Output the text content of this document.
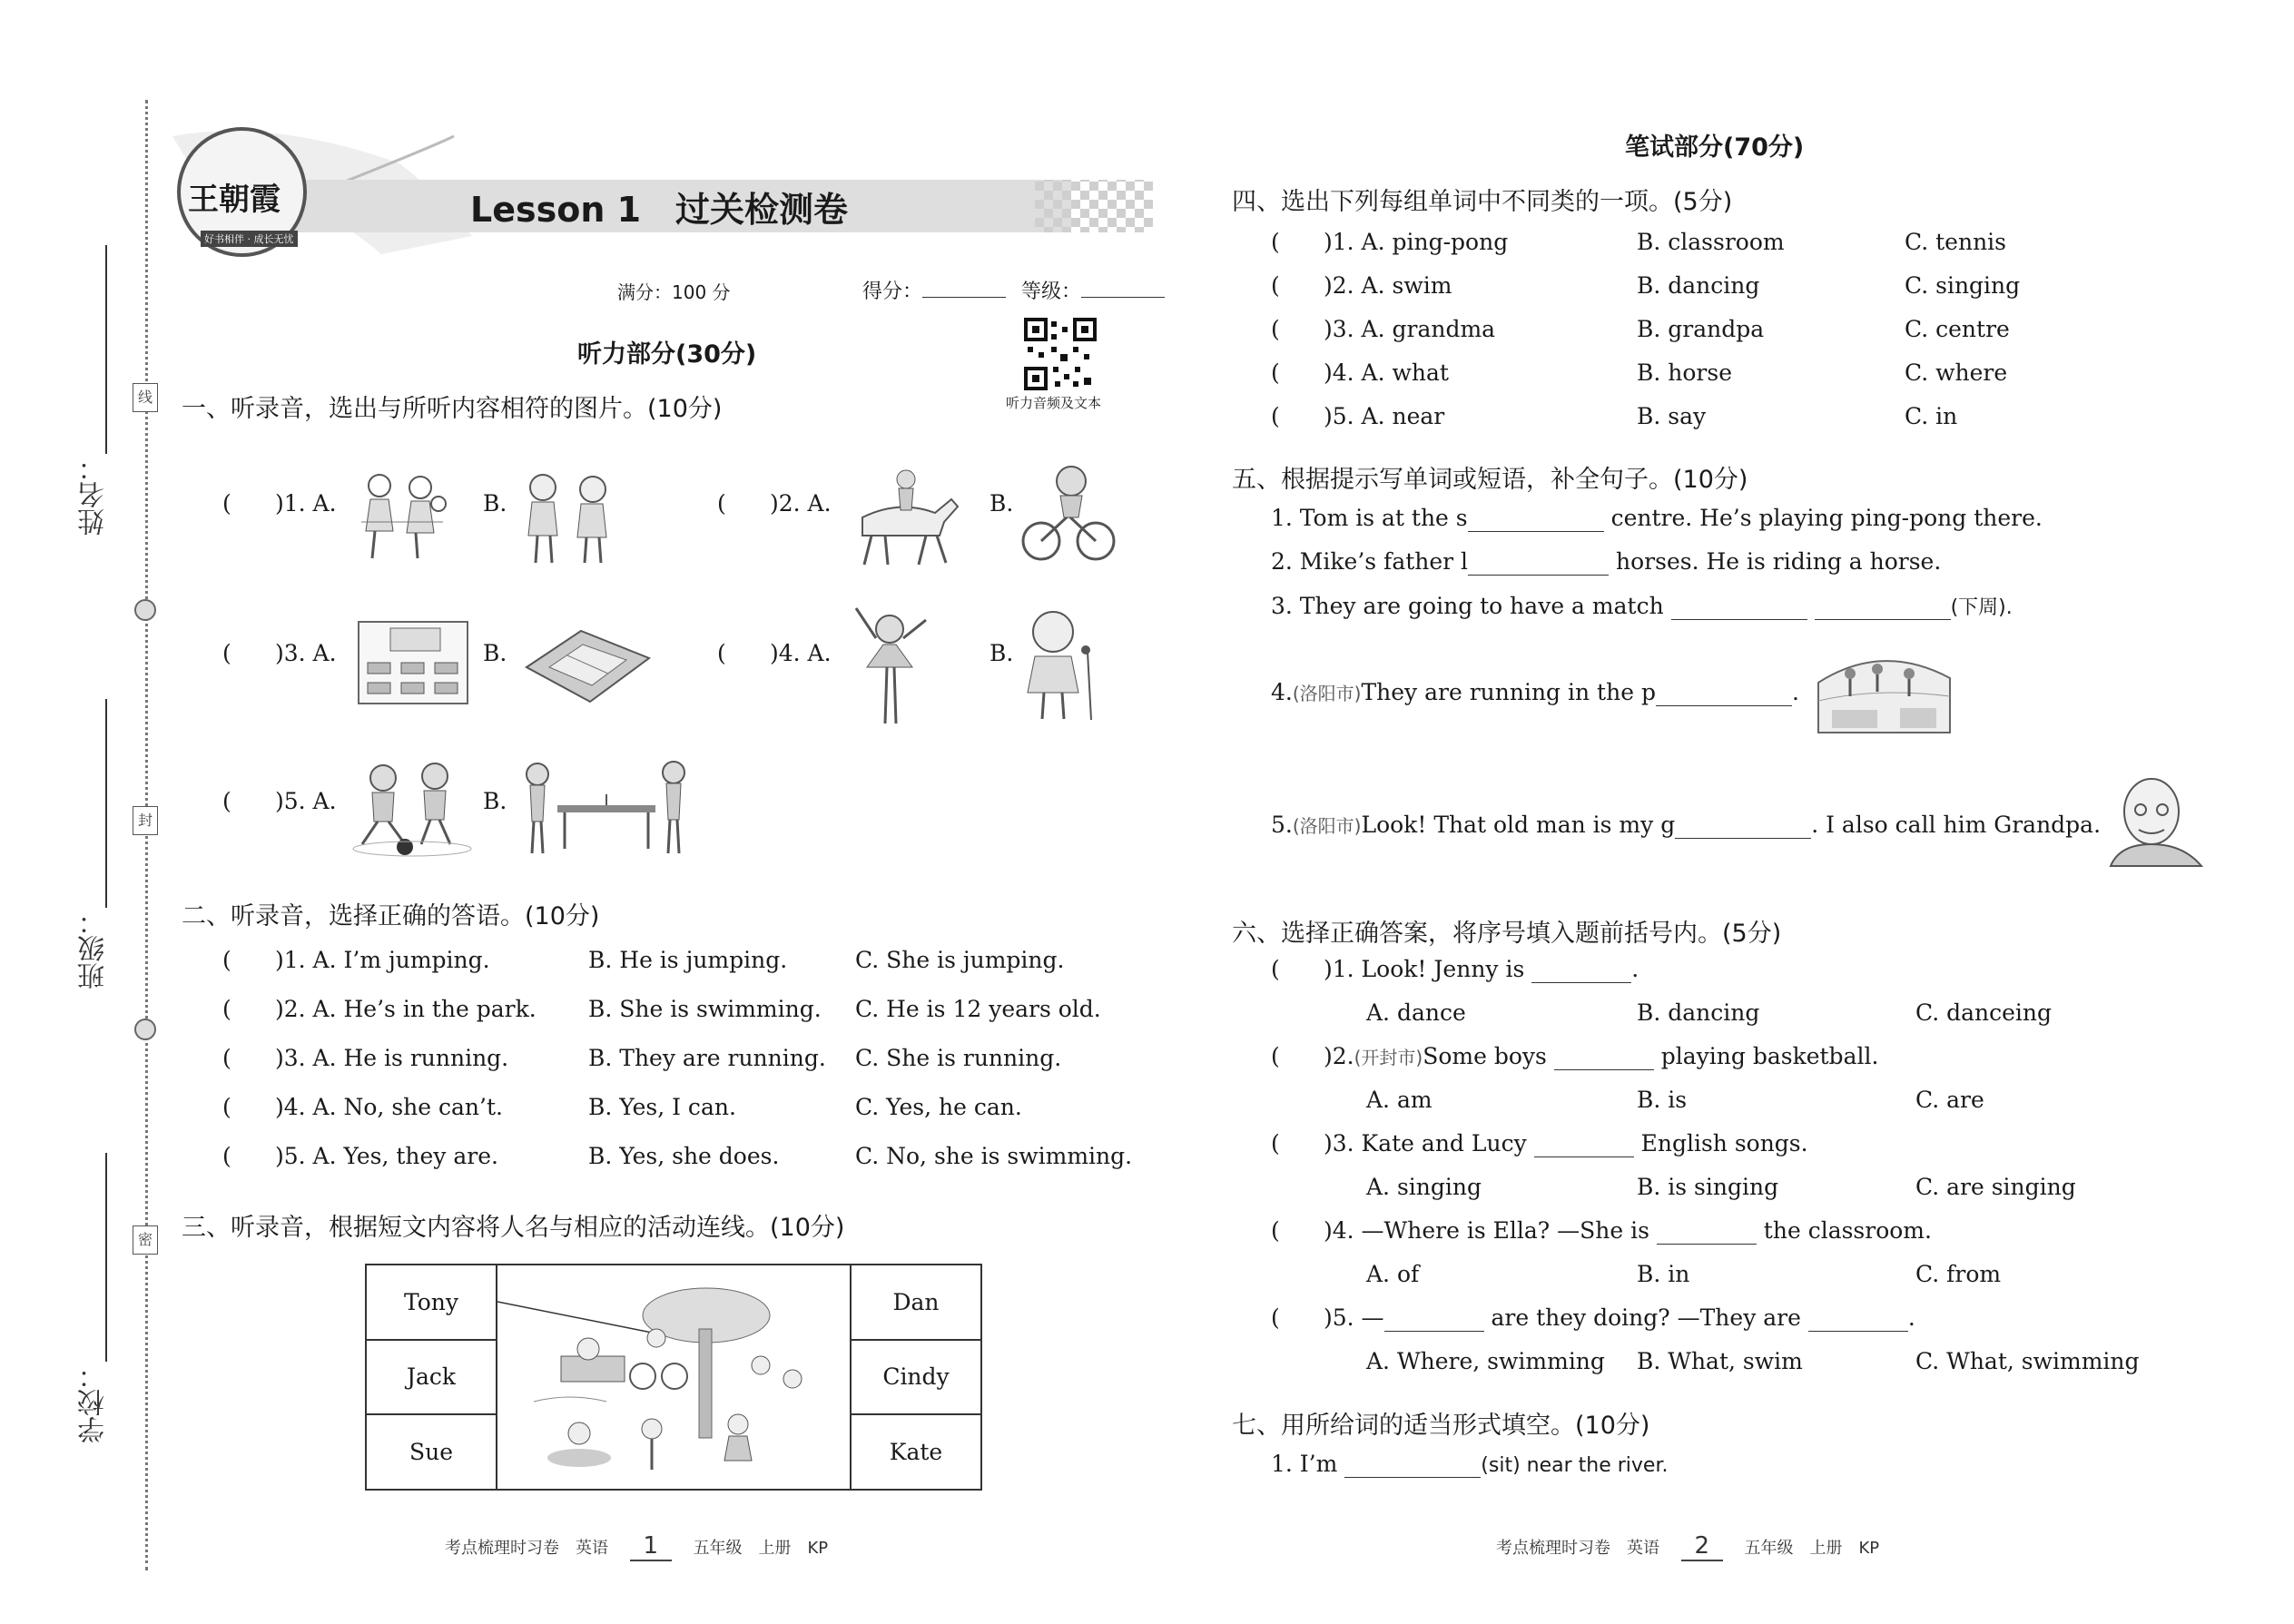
姓名：
班级：
学校：
线
封
密
王朝霞
好书相伴 · 成长无忧
Lesson 1　过关检测卷
满分：100 分	得分：	等级：
听力音频及文本
听力部分(30分)
一、听录音，选出与所听内容相符的图片。(10分)
( )1. A.	B.	( )2. A.	B.
( )3. A.	B.	( )4. A.	B.
( )5. A.	B.
二、听录音，选择正确的答语。(10分)
( )1. A. I’m jumping.	B. He is jumping.	C. She is jumping.
( )2. A. He’s in the park. B. She is swimming. C. He is 12 years old.
( )3. A. He is running.	B. They are running. C. She is running.
( )4. A. No, she can’t.	B. Yes, I can.	C. Yes, he can.
( )5. A. Yes, they are.	B. Yes, she does.	C. No, she is swimming.
三、听录音，根据短文内容将人名与相应的活动连线。(10分)
Tony		Dan
Jack		Cindy
Sue		Kate
考点梳理时习卷　英语 1 五年级　上册　KP
笔试部分(70分)
四、选出下列每组单词中不同类的一项。(5分)
( )1. A. ping-pong	B. classroom	C. tennis
( )2. A. swim	B. dancing	C. singing
( )3. A. grandma	B. grandpa	C. centre
( )4. A. what	B. horse	C. where
( )5. A. near	B. say	C. in
五、根据提示写单词或短语，补全句子。(10分)
1. Tom is at the s	centre. He’s playing ping-pong there.
2. Mike’s father l	horses. He is riding a horse.
3. They are going to have a match	(下周).
4.(洛阳市)They are running in the p	.
5.(洛阳市)Look! That old man is my g	. I also call him Grandpa.
六、选择正确答案，将序号填入题前括号内。(5分)
( )1. Look! Jenny is	.
A. dance	B. dancing	C. danceing
( )2.(开封市)Some boys	playing basketball.
A. am	B. is	C. are
( )3. Kate and Lucy	English songs.
A. singing	B. is singing	C. are singing
( )4. —Where is Ella? —She is	the classroom.
A. of	B. in	C. from
( )5. —	are they doing? —They are	.
A. Where, swimming B. What, swim	C. What, swimming
七、用所给词的适当形式填空。(10分)
1. I’m	(sit) near the river.
考点梳理时习卷　英语 2 五年级　上册　KP
